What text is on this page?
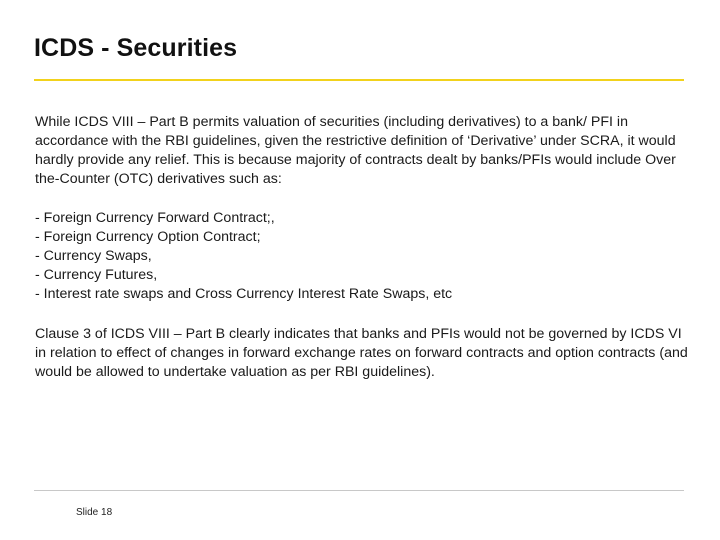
ICDS - Securities

While ICDS VIII – Part B permits valuation of securities (including derivatives) to a bank/ PFI in accordance with the RBI guidelines, given the restrictive definition of ‘Derivative’ under SCRA, it would hardly provide any relief. This is because majority of contracts dealt by banks/PFIs would include Over the-Counter (OTC) derivatives such as:

- Foreign Currency Forward Contract;,
- Foreign Currency Option Contract;
- Currency Swaps,
- Currency Futures,
- Interest rate swaps and Cross Currency Interest Rate Swaps, etc

Clause 3 of ICDS VIII – Part B clearly indicates that banks and PFIs would not be governed by ICDS VI in relation to effect of changes in forward exchange rates on forward contracts and option contracts (and would be allowed to undertake valuation as per RBI guidelines).

Slide 18
